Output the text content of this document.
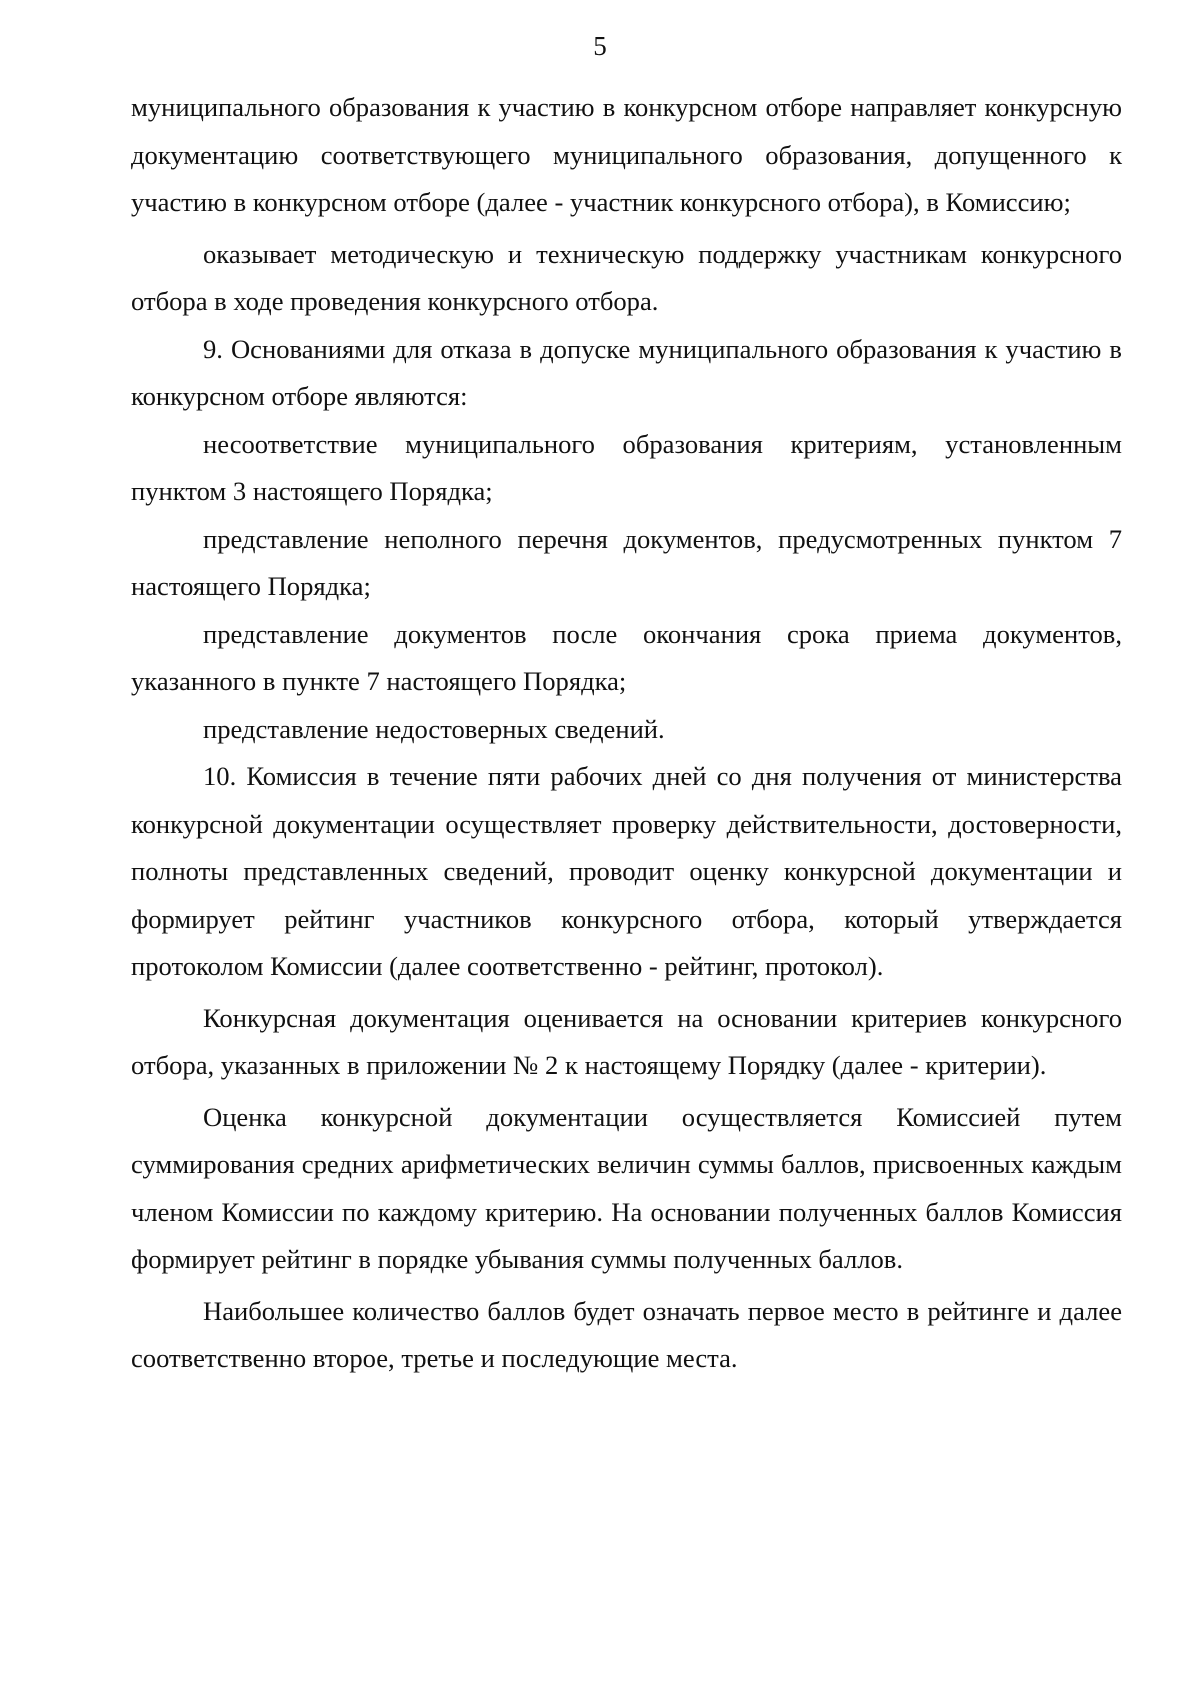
5

муниципального образования к участию в конкурсном отборе направляет конкурсную документацию соответствующего муниципального образования, допущенного к участию в конкурсном отборе (далее - участник конкурсного отбора), в Комиссию;

оказывает методическую и техническую поддержку участникам конкурсного отбора в ходе проведения конкурсного отбора.

9. Основаниями для отказа в допуске муниципального образования к участию в конкурсном отборе являются:

несоответствие муниципального образования критериям, установленным пунктом 3 настоящего Порядка;

представление неполного перечня документов, предусмотренных пунктом 7 настоящего Порядка;

представление документов после окончания срока приема документов, указанного в пункте 7 настоящего Порядка;

представление недостоверных сведений.

10. Комиссия в течение пяти рабочих дней со дня получения от министерства конкурсной документации осуществляет проверку действительности, достоверности, полноты представленных сведений, проводит оценку конкурсной документации и формирует рейтинг участников конкурсного отбора, который утверждается протоколом Комиссии (далее соответственно - рейтинг, протокол).

Конкурсная документация оценивается на основании критериев конкурсного отбора, указанных в приложении № 2 к настоящему Порядку (далее - критерии).

Оценка конкурсной документации осуществляется Комиссией путем суммирования средних арифметических величин суммы баллов, присвоенных каждым членом Комиссии по каждому критерию. На основании полученных баллов Комиссия формирует рейтинг в порядке убывания суммы полученных баллов.

Наибольшее количество баллов будет означать первое место в рейтинге и далее соответственно второе, третье и последующие места.
